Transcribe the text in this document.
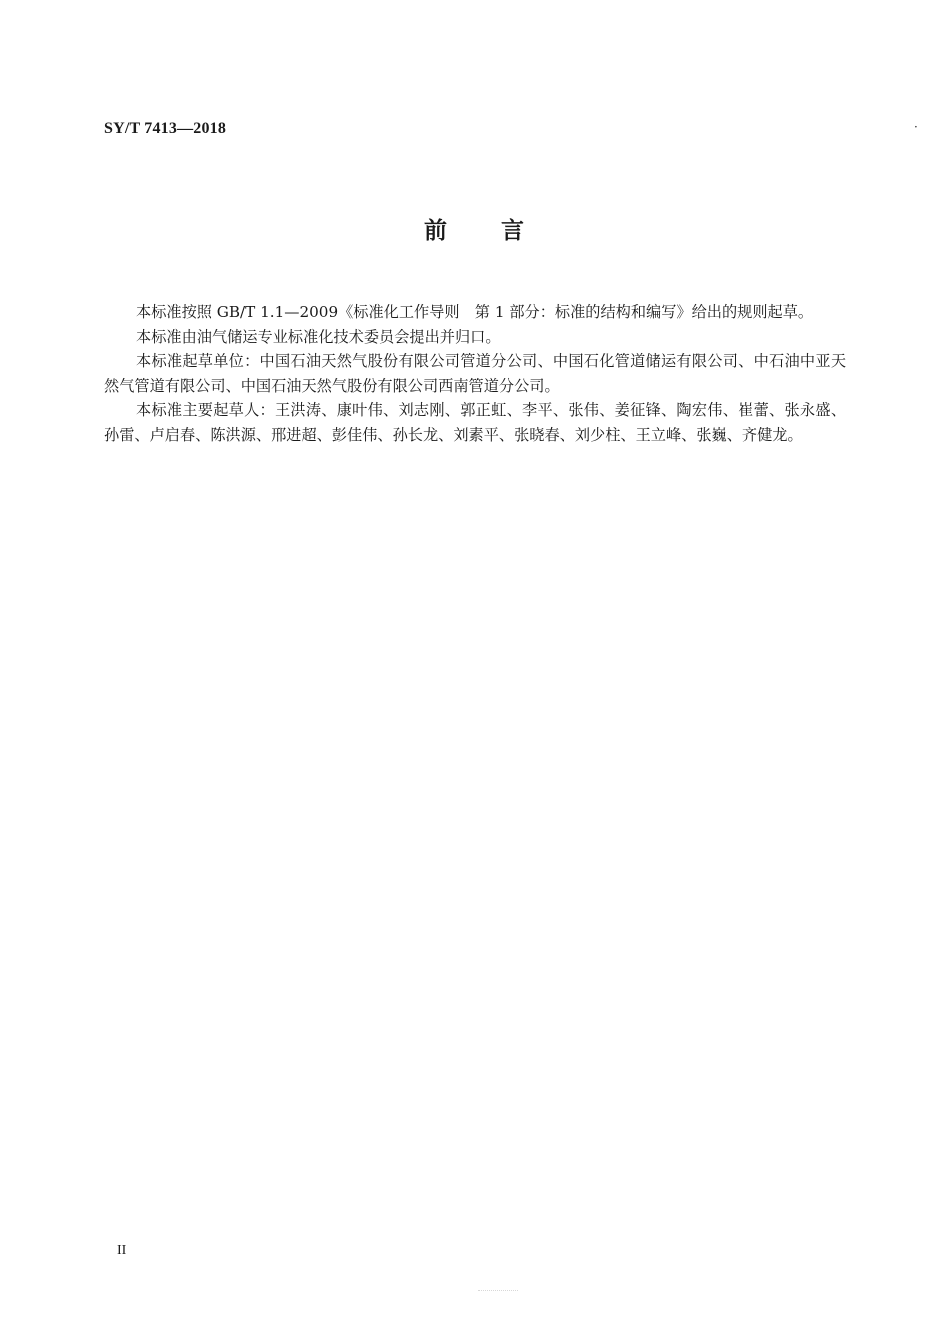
SY/T 7413—2018	·
前 言

本标准按照 GB/T 1.1—2009《标准化工作导则　第 1 部分：标准的结构和编写》给出的规则起草。

本标准由油气储运专业标准化技术委员会提出并归口。

本标准起草单位：中国石油天然气股份有限公司管道分公司、中国石化管道储运有限公司、中石油中亚天然气管道有限公司、中国石油天然气股份有限公司西南管道分公司。

本标准主要起草人：王洪涛、康叶伟、刘志刚、郭正虹、李平、张伟、姜征锋、陶宏伟、崔蕾、张永盛、孙雷、卢启春、陈洪源、邢进超、彭佳伟、孙长龙、刘素平、张晓春、刘少柱、王立峰、张巍、齐健龙。

II
